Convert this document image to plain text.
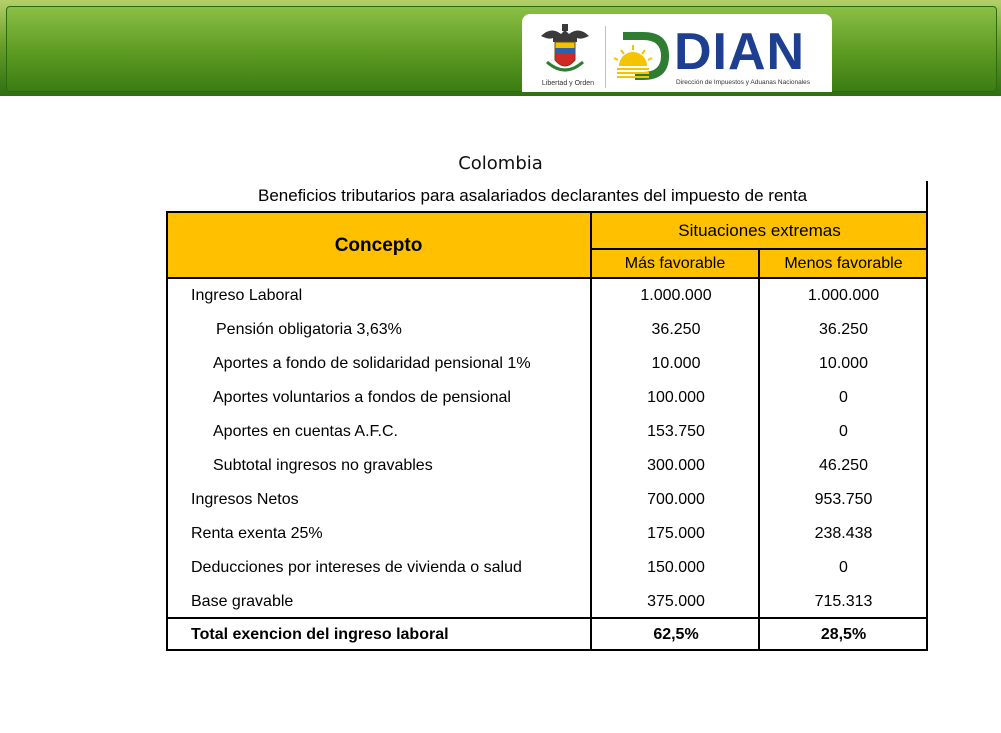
Libertad y Orden
DIAN
Dirección de Impuestos y Aduanas Nacionales
Colombia
Beneficios tributarios para asalariados declarantes del impuesto de renta
Concepto
Situaciones extremas
Más favorable	Menos favorable
Ingreso Laboral
Pensión obligatoria 3,63%
Aportes a fondo de solidaridad pensional 1%
Aportes voluntarios a fondos de pensional
Aportes en cuentas A.F.C.
Subtotal ingresos no gravables
Ingresos Netos
Renta exenta 25%
Deducciones por intereses de vivienda o salud
Base gravable
Total exencion del ingreso laboral
1.000.000
36.250
10.000
100.000
153.750
300.000
700.000
175.000
150.000
375.000
62,5%
1.000.000
36.250
10.000
0
0
46.250
953.750
238.438
0
715.313
28,5%
